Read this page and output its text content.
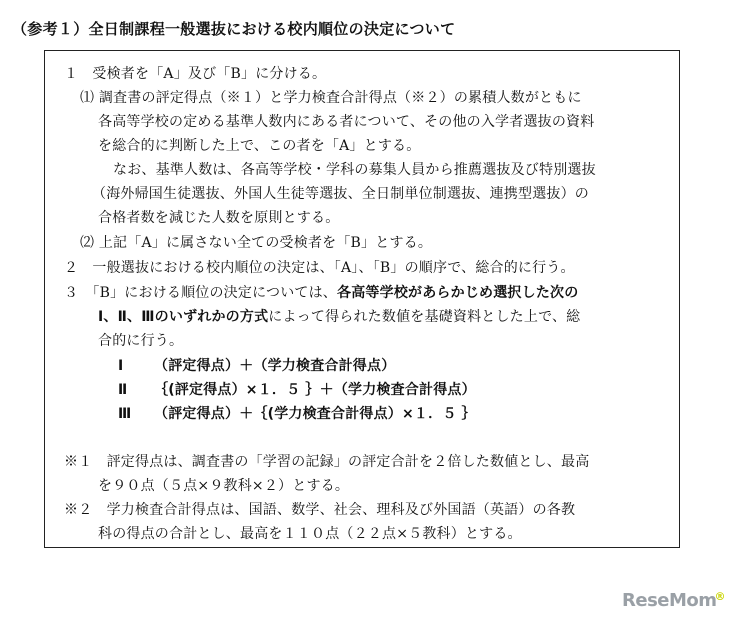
（参考１）全日制課程一般選抜における校内順位の決定について
１　受検者を「A」及び「B」に分ける。
⑴ 調査書の評定得点（※１）と学力検査合計得点（※２）の累積人数がともに
各高等学校の定める基準人数内にある者について、その他の入学者選抜の資料
を総合的に判断した上で、この者を「A」とする。
なお、基準人数は、各高等学校・学科の募集人員から推薦選抜及び特別選抜
（海外帰国生徒選抜、外国人生徒等選抜、全日制単位制選抜、連携型選抜）の
合格者数を減じた人数を原則とする。
⑵ 上記「A」に属さない全ての受検者を「B」とする。
２　一般選抜における校内順位の決定は、「A」、「B」の順序で、総合的に行う。
３　「B」における順位の決定については、各高等学校があらかじめ選択した次の
Ⅰ、Ⅱ、Ⅲのいずれかの方式によって得られた数値を基礎資料とした上で、総
合的に行う。
Ⅰ （評定得点）＋（学力検査合計得点）
Ⅱ ｛(評定得点）×１．５ ｝＋（学力検査合計得点）
Ⅲ （評定得点）＋｛(学力検査合計得点）×１．５ ｝
※１　評定得点は、調査書の「学習の記録」の評定合計を２倍した数値とし、最高
を９０点（５点×９教科×２）とする。
※２　学力検査合計得点は、国語、数学、社会、理科及び外国語（英語）の各教
科の得点の合計とし、最高を１１０点（２２点×５教科）とする。
ReseMom®
